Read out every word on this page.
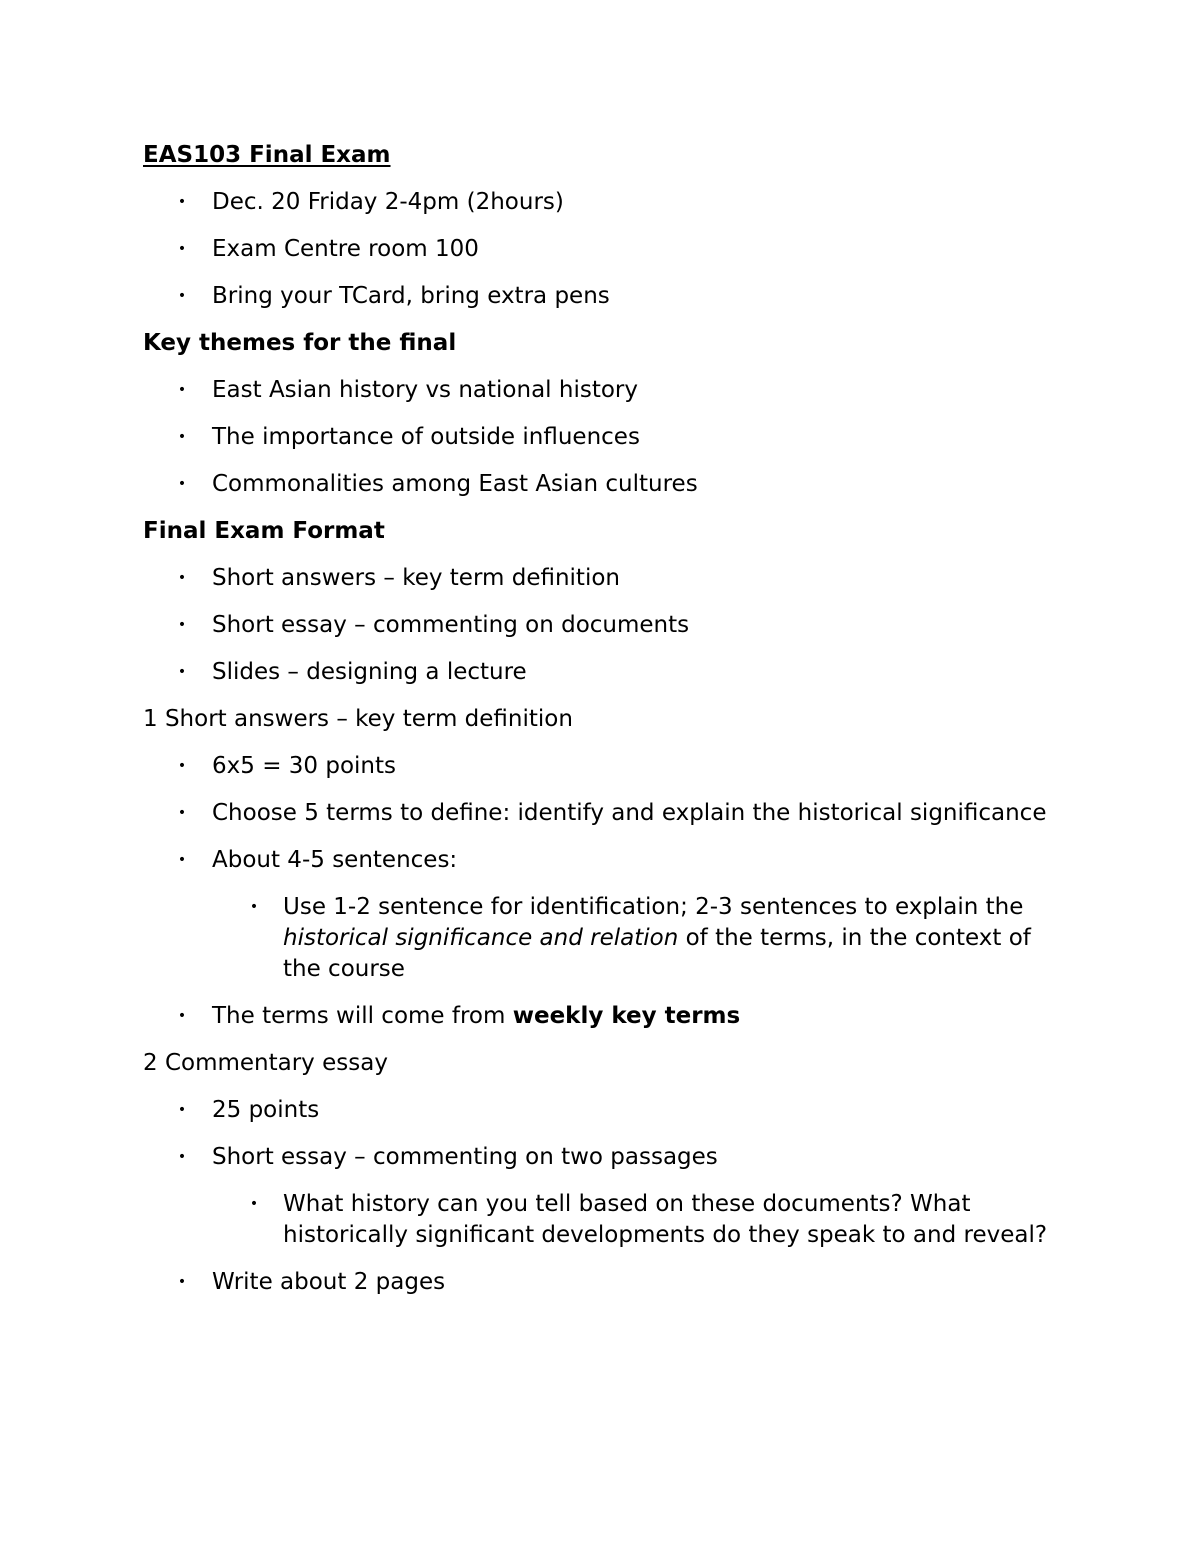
EAS103 Final Exam

• Dec. 20 Friday 2-4pm (2hours)
• Exam Centre room 100
• Bring your TCard, bring extra pens

Key themes for the final

• East Asian history vs national history
• The importance of outside influences
• Commonalities among East Asian cultures

Final Exam Format

• Short answers – key term definition
• Short essay – commenting on documents
• Slides – designing a lecture

1 Short answers – key term definition

• 6x5 = 30 points
• Choose 5 terms to define: identify and explain the historical significance
• About 4-5 sentences:
• Use 1-2 sentence for identification; 2-3 sentences to explain the historical significance and relation of the terms, in the context of the course
• The terms will come from weekly key terms

2 Commentary essay

• 25 points
• Short essay – commenting on two passages
• What history can you tell based on these documents? What historically significant developments do they speak to and reveal?
• Write about 2 pages
